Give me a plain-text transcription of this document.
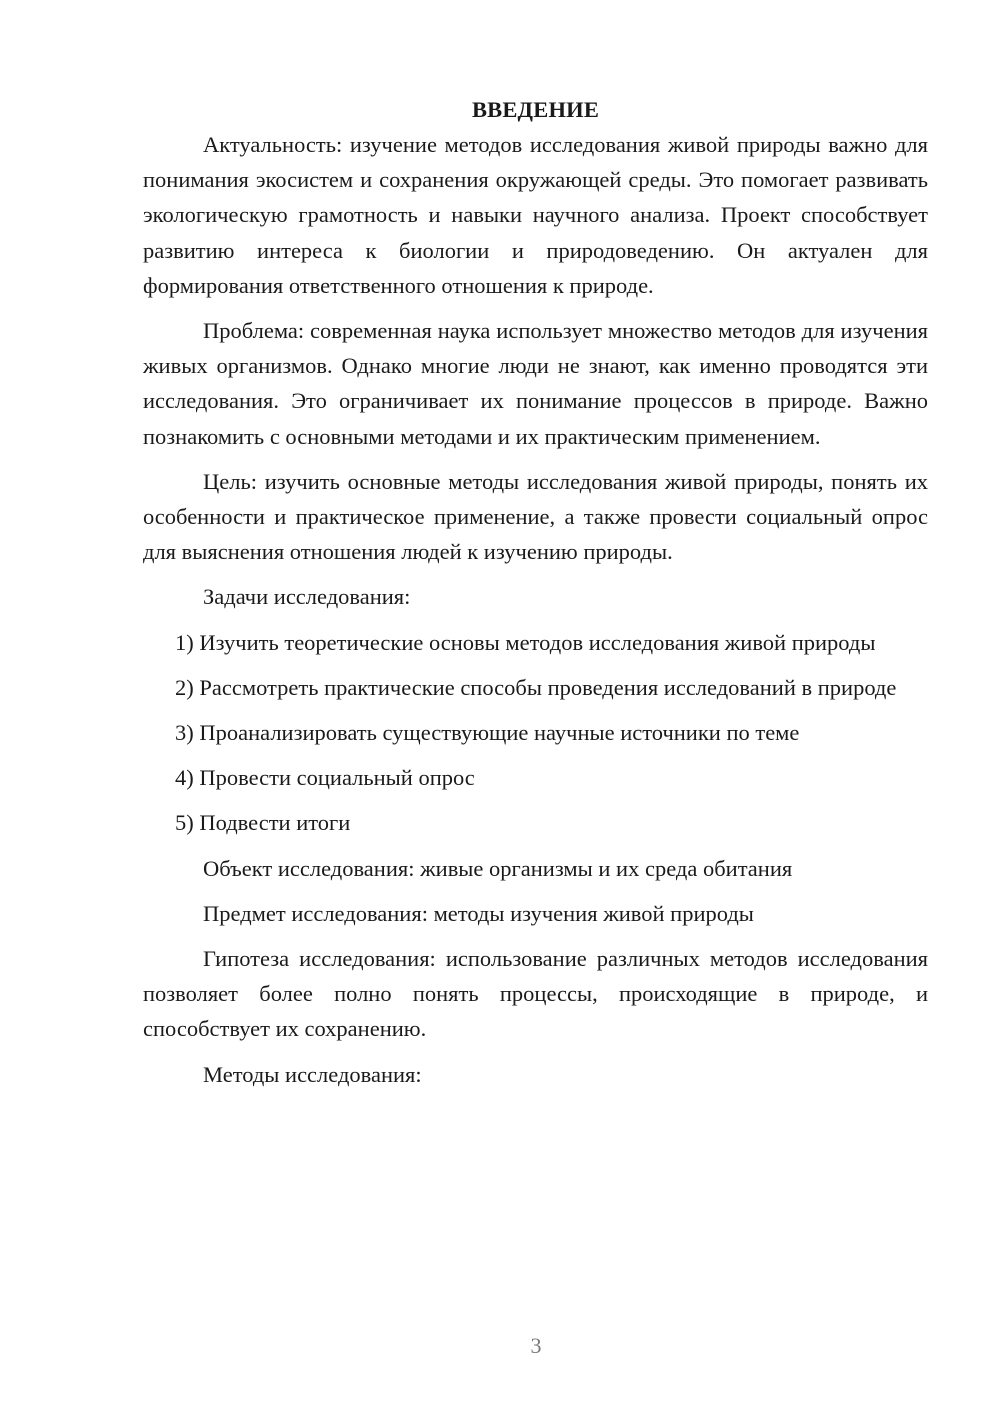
ВВЕДЕНИЕ

Актуальность: изучение методов исследования живой природы важно для понимания экосистем и сохранения окружающей среды. Это помогает развивать экологическую грамотность и навыки научного анализа. Проект способствует развитию интереса к биологии и природоведению. Он актуален для формирования ответственного отношения к природе.

Проблема: современная наука использует множество методов для изучения живых организмов. Однако многие люди не знают, как именно проводятся эти исследования. Это ограничивает их понимание процессов в природе. Важно познакомить с основными методами и их практическим применением.

Цель: изучить основные методы исследования живой природы, понять их особенности и практическое применение, а также провести социальный опрос для выяснения отношения людей к изучению природы.

Задачи исследования:

1) Изучить теоретические основы методов исследования живой природы

2) Рассмотреть практические способы проведения исследований в природе

3) Проанализировать существующие научные источники по теме

4) Провести социальный опрос

5) Подвести итоги

Объект исследования: живые организмы и их среда обитания

Предмет исследования: методы изучения живой природы

Гипотеза исследования: использование различных методов исследования позволяет более полно понять процессы, происходящие в природе, и способствует их сохранению.

Методы исследования:

3
